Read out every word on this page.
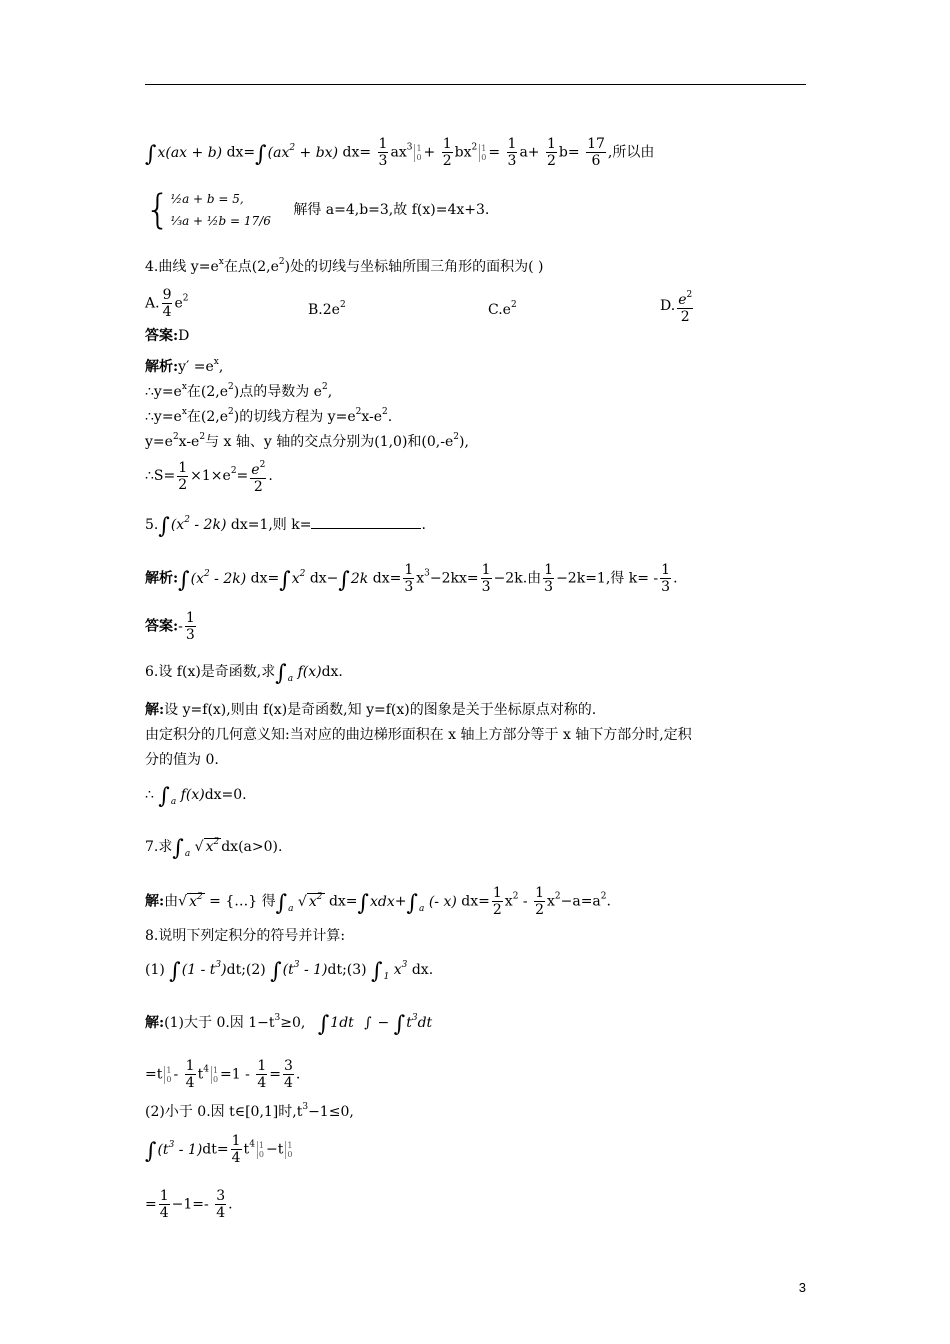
∫x(ax + b) $dx=\int(ax^2 + bx)$ $dx= \frac{1}{3} ax^3$ 1
$0 + \frac{1}{2} bx^2$ 1
$0 = \frac{1}{3} a+ \frac{1}{2} b= \frac{17}{6}$ ,所以由
{½a + b = 5,
⅓a + ½b = 17/6 解得 a=4,b=3,故 f(x)=4x+3.
4.曲线 $y=e^x$在点$(2,e^2)$处的切线与坐标轴所围三角形的面积为( )
A. $\frac{9}{4} e^2$
$B.2e^2$	$C.e^2$	D. $\frac{e^2}{2}$
答案:D
解析:y′ $=e^x$,
$\therefore y=e^x$在$(2,e^2)$点的导数为 $e^2$,
$\therefore y=e^x$在$(2,e^2)$的切线方程为 $y=e^2x-e^2$.
$y=e^2x-e^2$与 x 轴、y 轴的交点分别为(1,0)和$(0,-e^2)$,
∴S= $\frac{1}{2} \times 1\times e^2= \frac{e^2}{2}$ .
$5.\int(x^2 - 2k)$ dx=1,则 k=	.
解析$:\int(x^2 - 2k)$ $dx=\int x^2$ dx−∫2k $dx= \frac{1}{3} x^3-2kx= \frac{1}{3} -2k$.由 $\frac{1}{3} -2k=1$,得 $k= - \frac{1}{3}$ .
答案:- $\frac{1}{3}$
6.设 f(x)是奇函数,求$\int_a$ f(x)dx.
解:设 y=f(x),则由 f(x)是奇函数,知 y=f(x)的图象是关于坐标原点对称的.
由定积分的几何意义知:当对应的曲边梯形面积在 x 轴上方部分等于 x 轴下方部分时,定积
分的值为 0.
∴ $\int_a$ f(x)dx=0.
7.求$\int_a$ √ $x^2$ dx(a>0).
解:由√ $x^2$ = {…} 得$\int_a$ √ $x^2$ $dx=\int xdx+\int_a$ (- x) $dx= \frac{1}{2} x^2 - \frac{1}{2} x^2-a=a^2$.
8.说明下列定积分的符号并计算:
(1) $\int(1 - t^3)dt;(2)$ $\int(t^3$ - 1)dt;(3) $\int_1$ $x^3$ dx.
解:(1)大于 0.因 $1-t^3\ge 0$, ∫1dt ∫ − $\int t^3dt$
=t 1
$0 - \frac{1}{4} t^4$ 1
$0 =1 - \frac{1}{4} = \frac{3}{4}$ .
(2)小于 0.因 t∈[0,1]时$,t^3-1\le 0$,
$\int(t^3 - 1)dt= \frac{1}{4} t^4$ 1
0 −t 1
0
= $\frac{1}{4} -1=- \frac{3}{4}$ .
3
